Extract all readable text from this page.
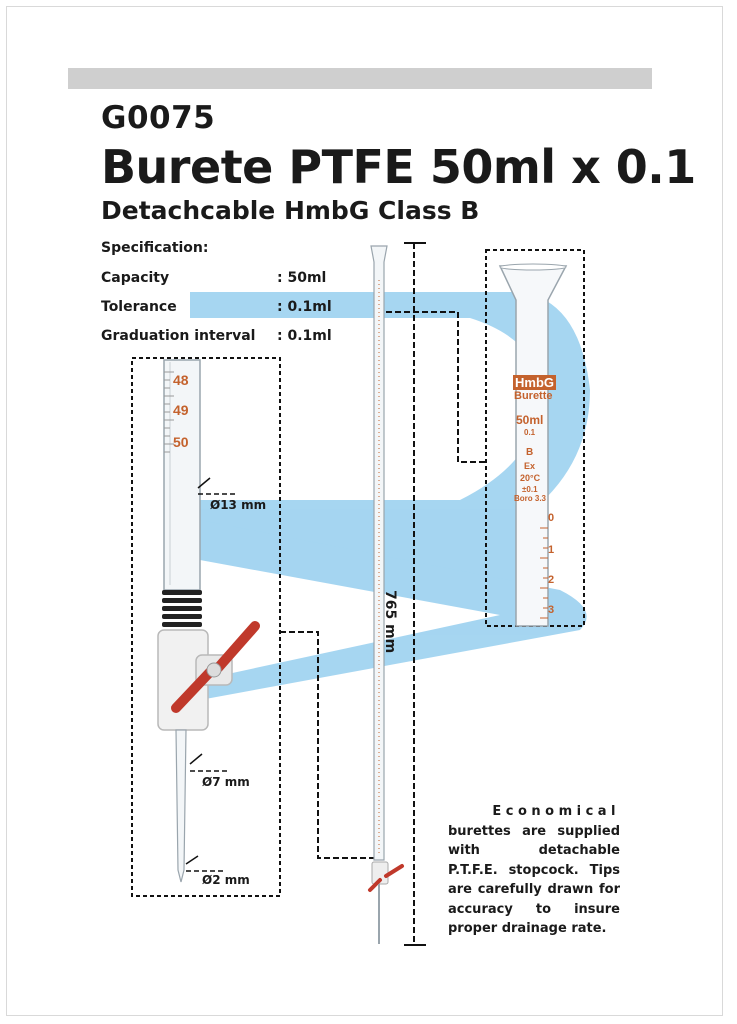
G0075
Burete PTFE 50ml x 0.1
Detachcable HmbG Class B
Specification:
Capacity	: 50ml
Tolerance	: 0.1ml
Graduation interval : 0.1ml
48
49
50
Ø13 mm
Ø7 mm
Ø2 mm
765 mm
HmbG
Burette
50ml
0.1
B
Ex
20°C
±0.1
Boro 3.3
0
1
2
3
Economical
burettes are supplied with detachable P.T.F.E. stopcock. Tips are carefully drawn for accuracy to insure proper drainage rate.
